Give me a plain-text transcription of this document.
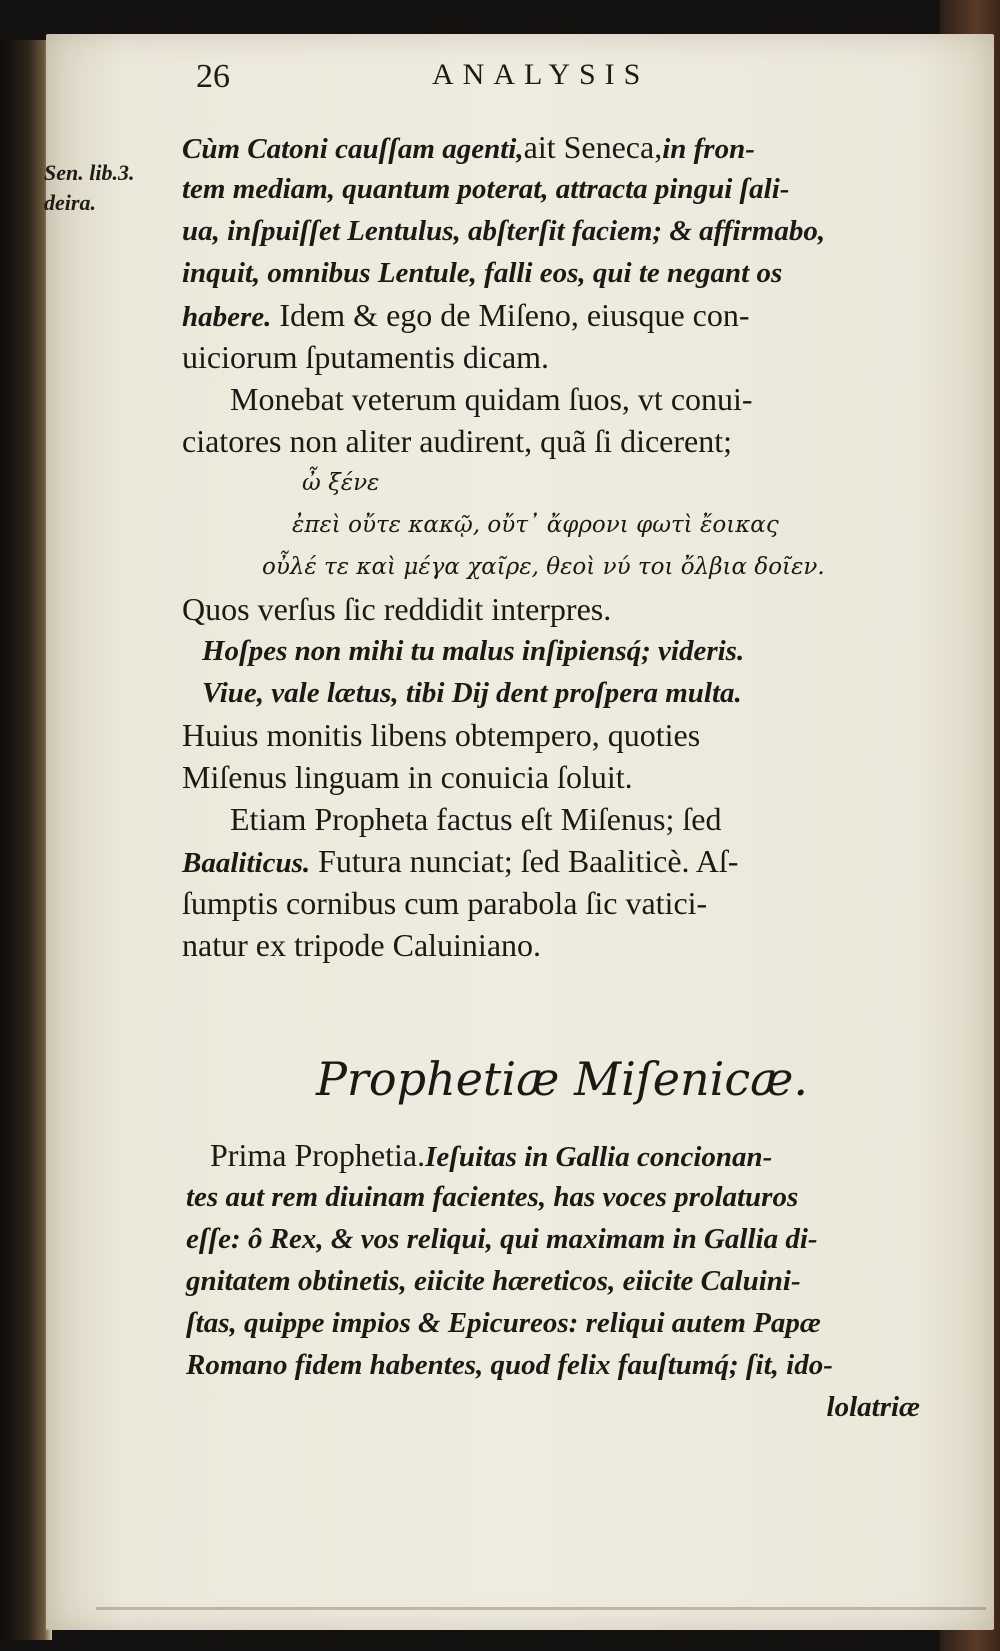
26	ANALYSIS
Sen. lib.3.
deira.
Cùm Catoni cauſſam agenti,ait Seneca,in fron-
tem mediam, quantum poterat, attracta pingui ſali-
ua, inſpuiſſet Lentulus, abſterſit faciem; & affirmabo,
inquit, omnibus Lentule, falli eos, qui te negant os
habere. Idem & ego de Miſeno, eiusque con-
uiciorum ſputamentis dicam.
Monebat veterum quidam ſuos, vt conui-
ciatores non aliter audirent, quã ſi dicerent;
ὦ ξένε
ἐπεὶ οὔτε κακῷ, οὔτ᾽ ἄφρονι φωτὶ ἔοικας
οὖλέ τε καὶ μέγα χαῖρε, θεοὶ νύ τοι ὄλβια δοῖεν.
Quos verſus ſic reddidit interpres.
Hoſpes non mihi tu malus inſipiensq́; videris.
Viue, vale lætus, tibi Dij dent proſpera multa.
Huius monitis libens obtempero, quoties
Miſenus linguam in conuicia ſoluit.
Etiam Propheta factus eſt Miſenus; ſed
Baaliticus. Futura nunciat; ſed Baaliticè. Aſ-
ſumptis cornibus cum parabola ſic vatici-
natur ex tripode Caluiniano.
Prophetiæ Miſenicæ.
Prima Prophetia.Ieſuitas in Gallia concionan-
tes aut rem diuinam facientes, has voces prolaturos
eſſe: ô Rex, & vos reliqui, qui maximam in Gallia di-
gnitatem obtinetis, eiicite hæreticos, eiicite Caluini-
ſtas, quippe impios & Epicureos: reliqui autem Papæ
Romano fidem habentes, quod felix fauſtumq́; ſit, ido-
lolatriæ
